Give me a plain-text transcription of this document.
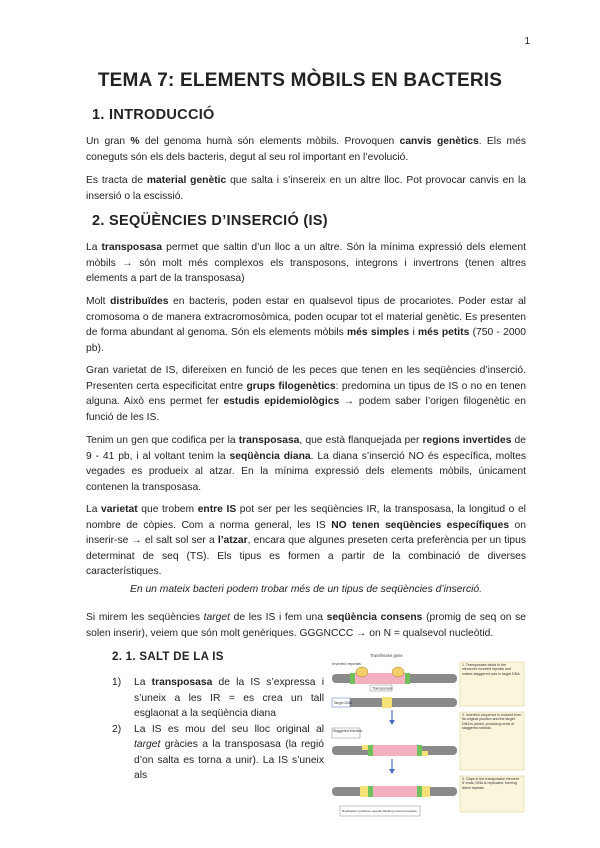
1
TEMA 7: ELEMENTS MÒBILS EN BACTERIS
1. INTRODUCCIÓ

Un gran % del genoma humà són elements mòbils. Provoquen canvis genètics. Els més coneguts són els dels bacteris, degut al seu rol important en l’evolució.

Es tracta de material genètic que salta i s’insereix en un altre lloc. Pot provocar canvis en la insersió o la escissió.

2. SEQÜÈNCIES D’INSERCIÓ (IS)

La transposasa permet que saltin d’un lloc a un altre. Són la mínima expressió dels element mòbils → són molt més complexos els transposons, integrons i invertrons (tenen altres elements a part de la transposasa)

Molt distribuïdes en bacteris, poden estar en qualsevol tipus de procariotes. Poder estar al cromosoma o de manera extracromosòmica, poden ocupar tot el material genètic. Es presenten de forma abundant al genoma. Són els elements mòbils més simples i més petits (750 - 2000 pb).

Gran varietat de IS, difereixen en funció de les peces que tenen en les seqüències d’inserció. Presenten certa especificitat entre grups filogenètics: predomina un tipus de IS o no en tenen alguna. Això ens permet fer estudis epidemiològics → podem saber l’origen filogenètic en funció de les IS.

Tenim un gen que codifica per la transposasa, que està flanquejada per regions invertides de 9 - 41 pb, i al voltant tenim la seqüència diana. La diana s’inserció NO és específica, moltes vegades es produeix al atzar. En la mínima expressió dels elements mòbils, únicament contenen la transposasa.

La varietat que trobem entre IS pot ser per les seqüències IR, la transposasa, la longitud o el nombre de còpies. Com a norma general, les IS NO tenen seqüències específiques on inserir-se → el salt sol ser a l’atzar, encara que algunes preseten certa preferència per un tipus determinat de seq (TS). Els tipus es formen a partir de la combinació de diverses característiques.

En un mateix bacteri podem trobar més de un tipus de seqüències d’inserció.

Si mirem les seqüències target de les IS i fem una seqüència consens (promig de seq on se solen inserir), veiem que són molt genèriques. GGGNCCC → on N = qualsevol nucleòtid.

2. 1. SALT DE LA IS
1) La transposasa de la IS s’expressa i s’uneix a les IR = es crea un tall esglaonat a la seqüència diana
2) La IS es mou del seu lloc original al target gràcies a la transposasa (la regió d’on salta es torna a unir). La IS s’uneix als
Transferase gene
Inverted repeats
Transposase
Target DNA
Staggered insertion
Replication produces repeats flanking inverted repeats
1. Transposase binds to the element's inverted repeats and makes staggered cuts in target DNA.
2. Insertion sequence is excised from its original position and the target DNA is joined, producing ends of staggered strands.
3. Gaps in the transposase element 5' ends; DNA is replicated, forming direct repeats.
